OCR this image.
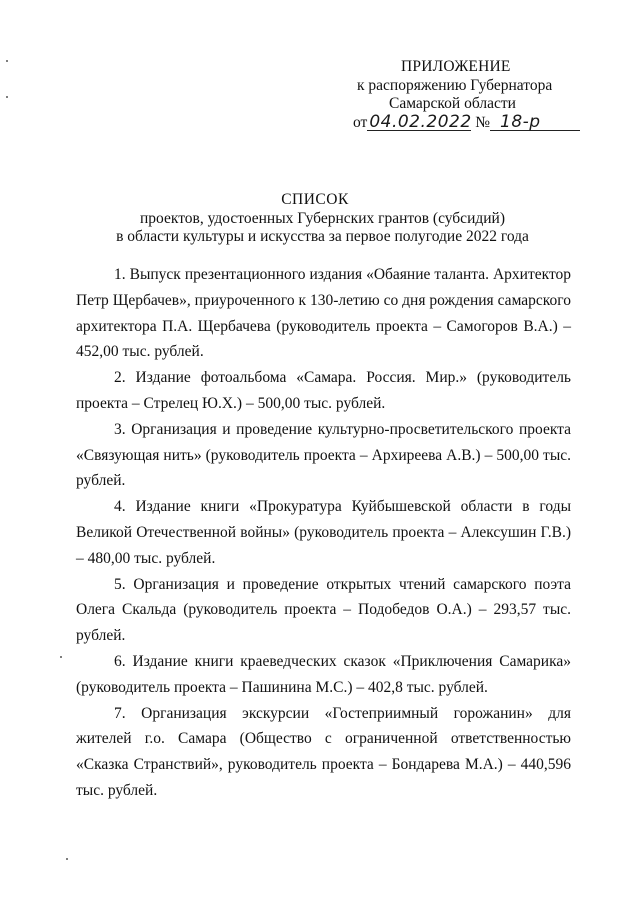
ПРИЛОЖЕНИЕ
к распоряжению Губернатора
Самарской области
от 04.02.2022 № 18-р
СПИСОК
проектов, удостоенных Губернских грантов (субсидий)
в области культуры и искусства за первое полугодие 2022 года

1. Выпуск презентационного издания «Обаяние таланта. Архитектор Петр Щербачев», приуроченного к 130-летию со дня рождения самарского архитектора П.А. Щербачева (руководитель проекта – Самогоров В.А.) – 452,00 тыс. рублей.

2. Издание фотоальбома «Самара. Россия. Мир.» (руководитель проекта – Стрелец Ю.Х.) – 500,00 тыс. рублей.

3. Организация и проведение культурно-просветительского проекта «Связующая нить» (руководитель проекта – Архиреева А.В.) – 500,00 тыс. рублей.

4. Издание книги «Прокуратура Куйбышевской области в годы Великой Отечественной войны» (руководитель проекта – Алексушин Г.В.) – 480,00 тыс. рублей.

5. Организация и проведение открытых чтений самарского поэта Олега Скальда (руководитель проекта – Подобедов О.А.) – 293,57 тыс. рублей.

6. Издание книги краеведческих сказок «Приключения Самарика» (руководитель проекта – Пашинина М.С.) – 402,8 тыс. рублей.

7. Организация экскурсии «Гостеприимный горожанин» для жителей г.о. Самара (Общество с ограниченной ответственностью «Сказка Странствий», руководитель проекта – Бондарева М.А.) – 440,596 тыс. рублей.
